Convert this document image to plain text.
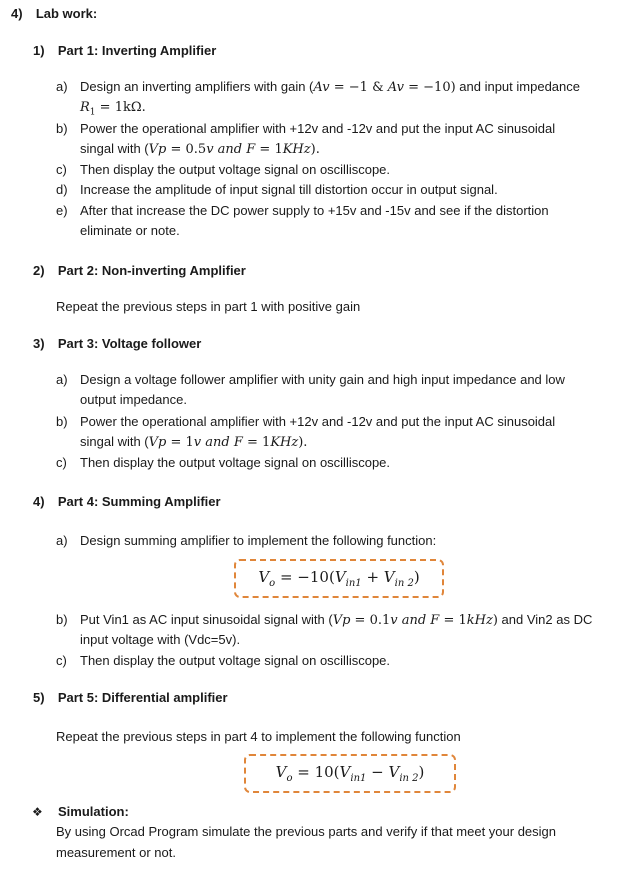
4) Lab work:
1) Part 1: Inverting Amplifier
a) Design an inverting amplifiers with gain (Av = −1 & Av = −10) and input impedance
$R_1 = 1k\Omega$.
b) Power the operational amplifier with +12v and -12v and put the input AC sinusoidal
singal with (Vp = 0.5v and F = 1KHz).
c) Then display the output voltage signal on oscilliscope.
d) Increase the amplitude of input signal till distortion occur in output signal.
e) After that increase the DC power supply to +15v and -15v and see if the distortion
eliminate or note.
2) Part 2: Non-inverting Amplifier
Repeat the previous steps in part 1 with positive gain
3) Part 3: Voltage follower
a) Design a voltage follower amplifier with unity gain and high input impedance and low
output impedance.
b) Power the operational amplifier with +12v and -12v and put the input AC sinusoidal
singal with (Vp = 1v and F = 1KHz).
c) Then display the output voltage signal on oscilliscope.
4) Part 4: Summing Amplifier
a) Design summing amplifier to implement the following function:
$V_o = -10(V_{in1} + V_{in 2})$
b) Put Vin1 as AC input sinusoidal signal with (Vp = 0.1v and F = 1kHz) and Vin2 as DC
input voltage with (Vdc=5v).
c) Then display the output voltage signal on oscilliscope.
5) Part 5: Differential amplifier
Repeat the previous steps in part 4 to implement the following function
$V_o = 10(V_{in1} - V_{in 2})$
❖ Simulation:
By using Orcad Program simulate the previous parts and verify if that meet your design
measurement or not.
